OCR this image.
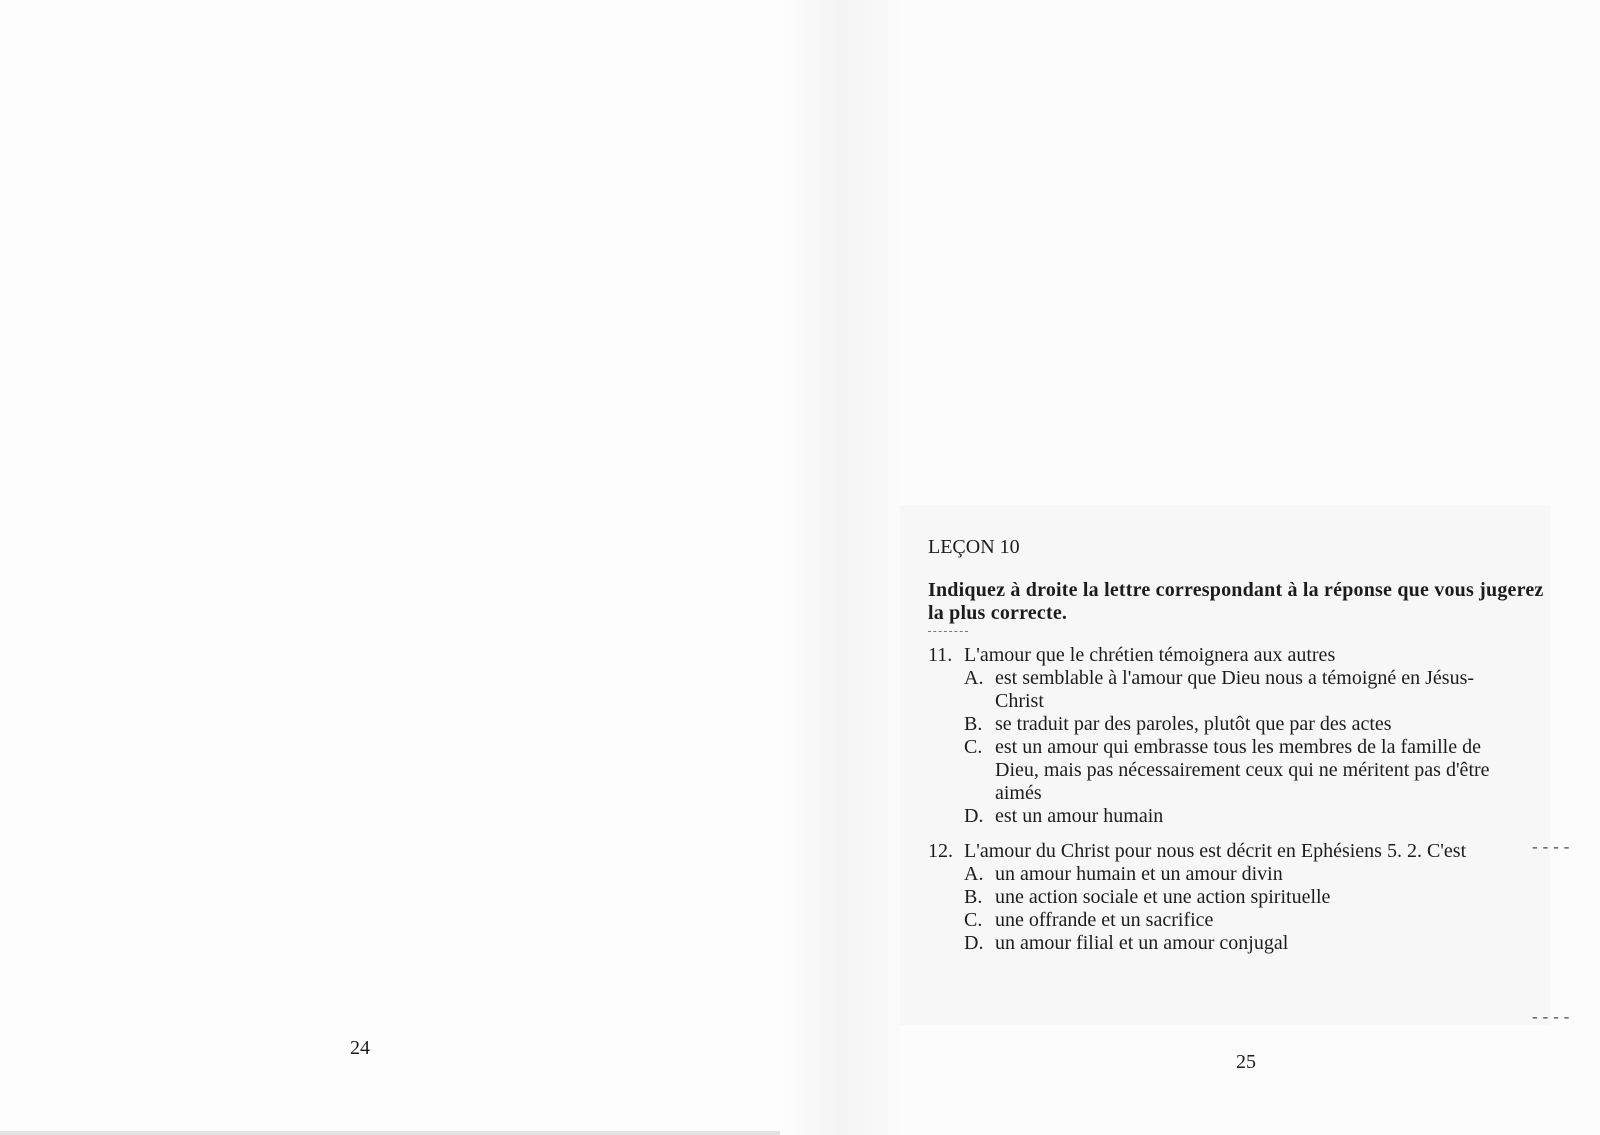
24
LEÇON 10

Indiquez à droite la lettre correspondant à la réponse que vous jugerez la plus correcte.

11. L'amour que le chrétien témoignera aux autres
A. est semblable à l'amour que Dieu nous a témoigné en Jésus-Christ
B. se traduit par des paroles, plutôt que par des actes
C. est un amour qui embrasse tous les membres de la famille de Dieu, mais pas nécessairement ceux qui ne méritent pas d'être aimés
D. est un amour humain
12. L'amour du Christ pour nous est décrit en Ephésiens 5. 2. C'est
A. un amour humain et un amour divin
B. une action sociale et une action spirituelle
C. une offrande et un sacrifice
D. un amour filial et un amour conjugal
----
----
25
